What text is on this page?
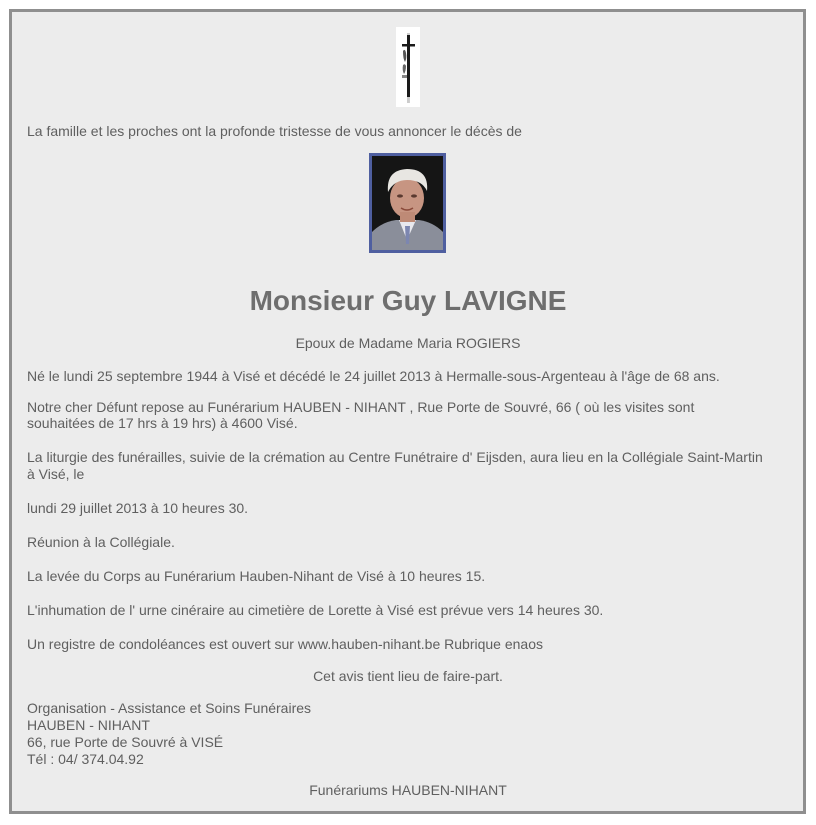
La famille et les proches ont la profonde tristesse de vous annoncer le décès de
Monsieur Guy LAVIGNE
Epoux de Madame Maria ROGIERS
Né le lundi 25 septembre 1944 à Visé et décédé le 24 juillet 2013 à Hermalle-sous-Argenteau à l'âge de 68 ans.
Notre cher Défunt repose au Funérarium HAUBEN - NIHANT , Rue Porte de Souvré, 66 ( où les visites sont
souhaitées de 17 hrs à 19 hrs) à 4600 Visé.
La liturgie des funérailles, suivie de la crémation au Centre Funétraire d' Eijsden, aura lieu en la Collégiale Saint-Martin
à Visé, le
lundi 29 juillet 2013 à 10 heures 30.
Réunion à la Collégiale.
La levée du Corps au Funérarium Hauben-Nihant de Visé à 10 heures 15.
L'inhumation de l' urne cinéraire au cimetière de Lorette à Visé est prévue vers 14 heures 30.
Un registre de condoléances est ouvert sur www.hauben-nihant.be Rubrique enaos
Cet avis tient lieu de faire-part.
Organisation - Assistance et Soins Funéraires
HAUBEN - NIHANT
66, rue Porte de Souvré à VISÉ
Tél : 04/ 374.04.92
Funérariums HAUBEN-NIHANT
